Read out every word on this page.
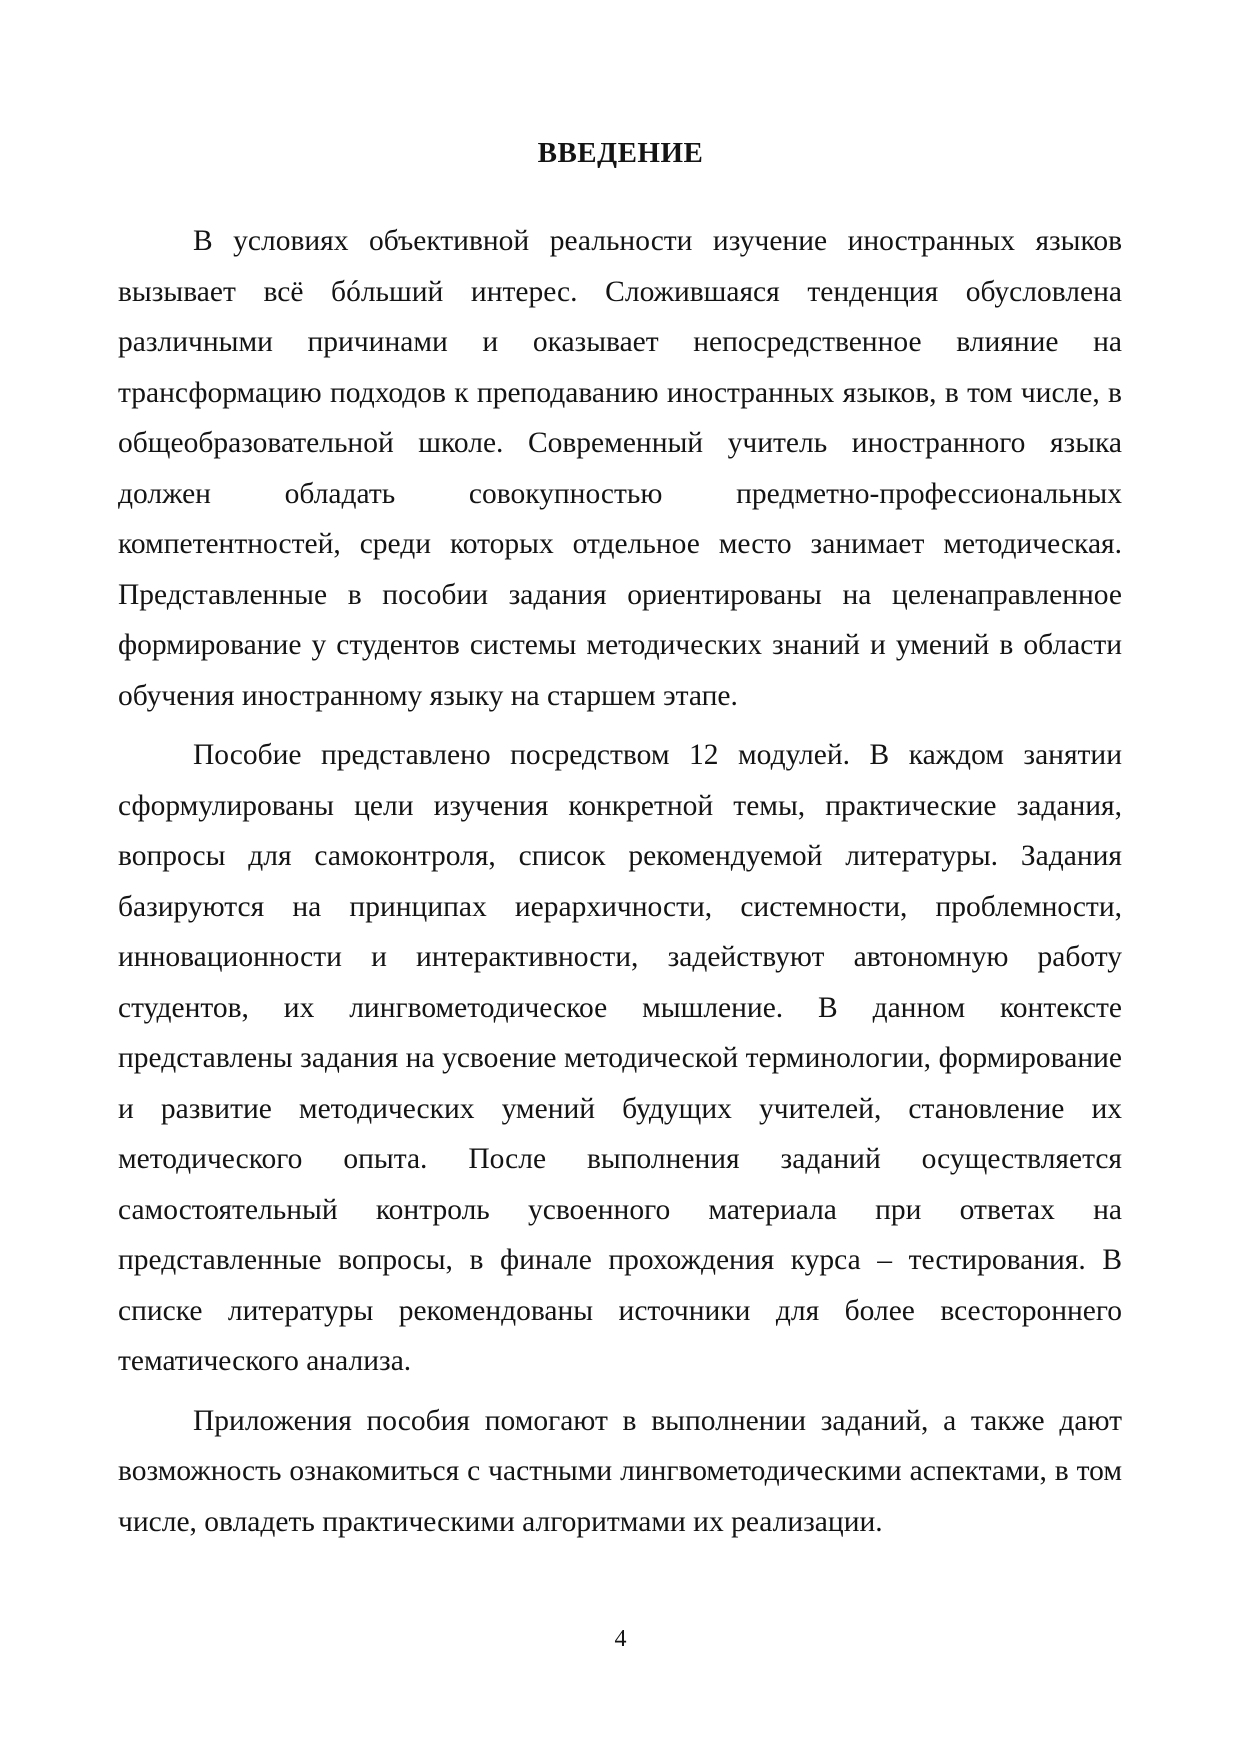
ВВЕДЕНИЕ

В условиях объективной реальности изучение иностранных языков вызывает всё бóльший интерес. Сложившаяся тенденция обусловлена различными причинами и оказывает непосредственное влияние на трансформацию подходов к преподаванию иностранных языков, в том числе, в общеобразовательной школе. Современный учитель иностранного языка должен обладать совокупностью предметно-профессиональных компетентностей, среди которых отдельное место занимает методическая. Представленные в пособии задания ориентированы на целенаправленное формирование у студентов системы методических знаний и умений в области обучения иностранному языку на старшем этапе.

Пособие представлено посредством 12 модулей. В каждом занятии сформулированы цели изучения конкретной темы, практические задания, вопросы для самоконтроля, список рекомендуемой литературы. Задания базируются на принципах иерархичности, системности, проблемности, инновационности и интерактивности, задействуют автономную работу студентов, их лингвометодическое мышление. В данном контексте представлены задания на усвоение методической терминологии, формирование и развитие методических умений будущих учителей, становление их методического опыта. После выполнения заданий осуществляется самостоятельный контроль усвоенного материала при ответах на представленные вопросы, в финале прохождения курса – тестирования. В списке литературы рекомендованы источники для более всестороннего тематического анализа.

Приложения пособия помогают в выполнении заданий, а также дают возможность ознакомиться с частными лингвометодическими аспектами, в том числе, овладеть практическими алгоритмами их реализации.

4
